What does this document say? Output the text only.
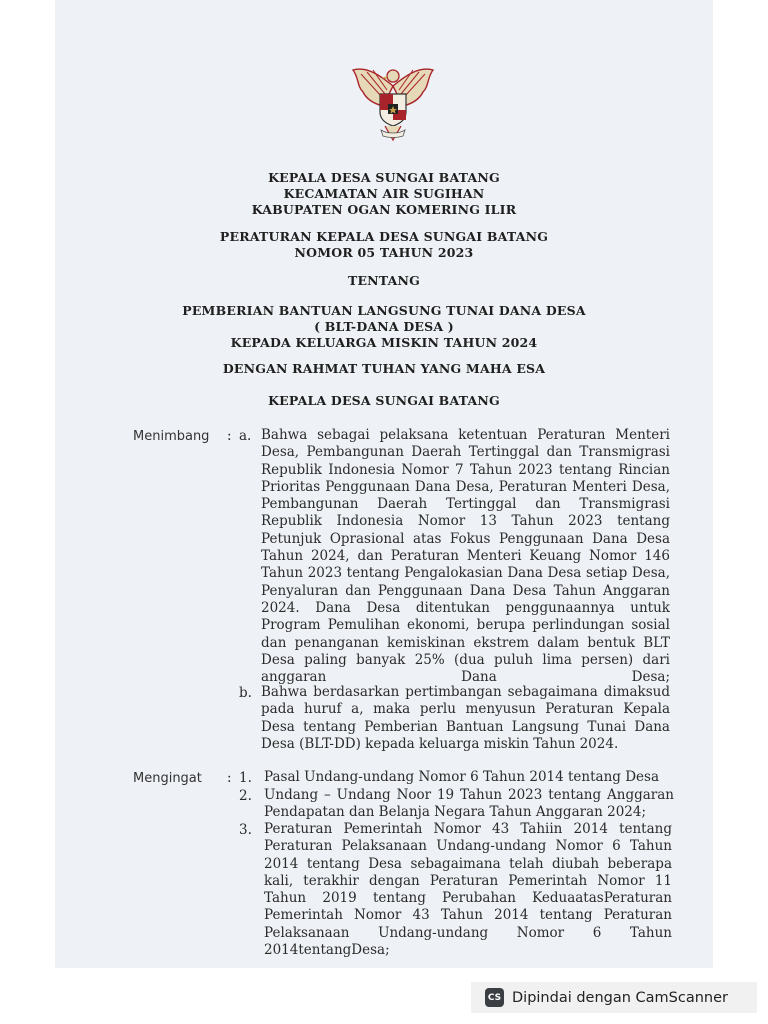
KEPALA DESA SUNGAI BATANG
KECAMATAN AIR SUGIHAN
KABUPATEN OGAN KOMERING ILIR
PERATURAN KEPALA DESA SUNGAI BATANG
NOMOR 05 TAHUN 2023
TENTANG
PEMBERIAN BANTUAN LANGSUNG TUNAI DANA DESA
( BLT-DANA DESA )
KEPADA KELUARGA MISKIN TAHUN 2024
DENGAN RAHMAT TUHAN YANG MAHA ESA
KEPALA DESA SUNGAI BATANG
Menimbang : a. Bahwa sebagai pelaksana ketentuan Peraturan Menteri Desa, Pembangunan Daerah Tertinggal dan Transmigrasi Republik Indonesia Nomor 7 Tahun 2023 tentang Rincian Prioritas Penggunaan Dana Desa, Peraturan Menteri Desa, Pembangunan Daerah Tertinggal dan Transmigrasi Republik Indonesia Nomor 13 Tahun 2023 tentang Petunjuk Oprasional atas Fokus Penggunaan Dana Desa Tahun 2024, dan Peraturan Menteri Keuang Nomor 146 Tahun 2023 tentang Pengalokasian Dana Desa setiap Desa, Penyaluran dan Penggunaan Dana Desa Tahun Anggaran 2024. Dana Desa ditentukan penggunaannya untuk Program Pemulihan ekonomi, berupa perlindungan sosial dan penanganan kemiskinan ekstrem dalam bentuk BLT Desa paling banyak 25% (dua puluh lima persen) dari anggaran Dana Desa;
b. Bahwa berdasarkan pertimbangan sebagaimana dimaksud pada huruf a, maka perlu menyusun Peraturan Kepala Desa tentang Pemberian Bantuan Langsung Tunai Dana Desa (BLT-DD) kepada keluarga miskin Tahun 2024.
Mengingat : 1. Pasal Undang-undang Nomor 6 Tahun 2014 tentang Desa
2. Undang – Undang Noor 19 Tahun 2023 tentang Anggaran Pendapatan dan Belanja Negara Tahun Anggaran 2024;
3. Peraturan Pemerintah Nomor 43 Tahiin 2014 tentang Peraturan Pelaksanaan Undang-undang Nomor 6 Tahun 2014 tentang Desa sebagaimana telah diubah beberapa kali, terakhir dengan Peraturan Pemerintah Nomor 11 Tahun 2019 tentang Perubahan KeduaatasPeraturan Pemerintah Nomor 43 Tahun 2014 tentang Peraturan Pelaksanaan Undang-undang Nomor 6 Tahun 2014tentangDesa;
CS Dipindai dengan CamScanner
